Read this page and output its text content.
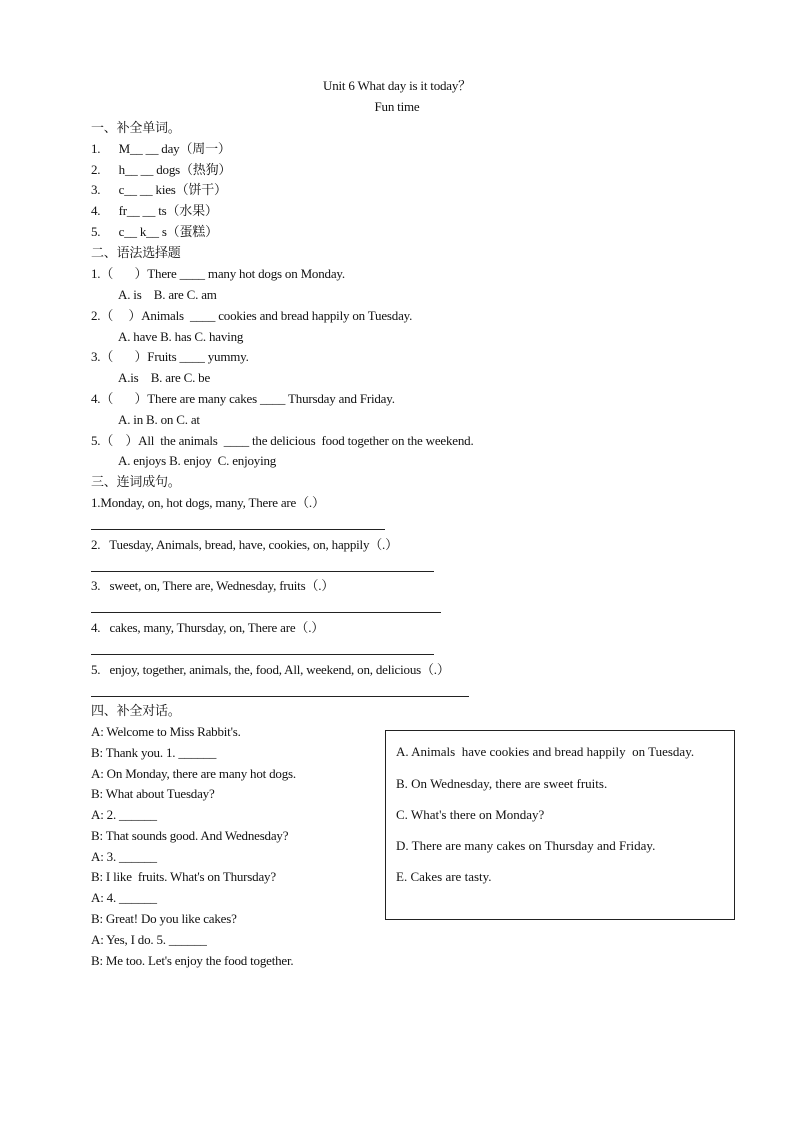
Unit 6 What day is it today？
Fun time
一、补全单词。
1.      M__ __ day（周一）
2.      h__ __ dogs（热狗）
3.      c__ __ kies（饼干）
4.      fr__ __ ts（水果）
5.      c__ k__ s（蛋糕）
二、语法选择题
1.（       ）There ____ many hot dogs on Monday.
A. is    B. are C. am
2.（     ）Animals  ____ cookies and bread happily on Tuesday.
A. have B. has C. having
3.（       ）Fruits ____ yummy.
A.is    B. are C. be
4.（       ）There are many cakes ____ Thursday and Friday.
A. in B. on C. at
5.（    ）All  the animals  ____ the delicious  food together on the weekend.
A. enjoys B. enjoy  C. enjoying
三、连词成句。
1.Monday, on, hot dogs, many, There are（.）
2.   Tuesday, Animals, bread, have, cookies, on, happily（.）
3.   sweet, on, There are, Wednesday, fruits（.）
4.   cakes, many, Thursday, on, There are（.）
5.   enjoy, together, animals, the, food, All, weekend, on, delicious（.）
四、补全对话。
A: Welcome to Miss Rabbit's.
B: Thank you. 1. ______
A: On Monday, there are many hot dogs.
B: What about Tuesday?
A: 2. ______
B: That sounds good. And Wednesday?
A: 3. ______
B: I like  fruits. What's on Thursday?
A: 4. ______
B: Great! Do you like cakes?
A: Yes, I do. 5. ______
B: Me too. Let's enjoy the food together.
A. Animals  have cookies and bread happily  on Tuesday.
B. On Wednesday, there are sweet fruits.
C. What's there on Monday?
D. There are many cakes on Thursday and Friday.
E. Cakes are tasty.
